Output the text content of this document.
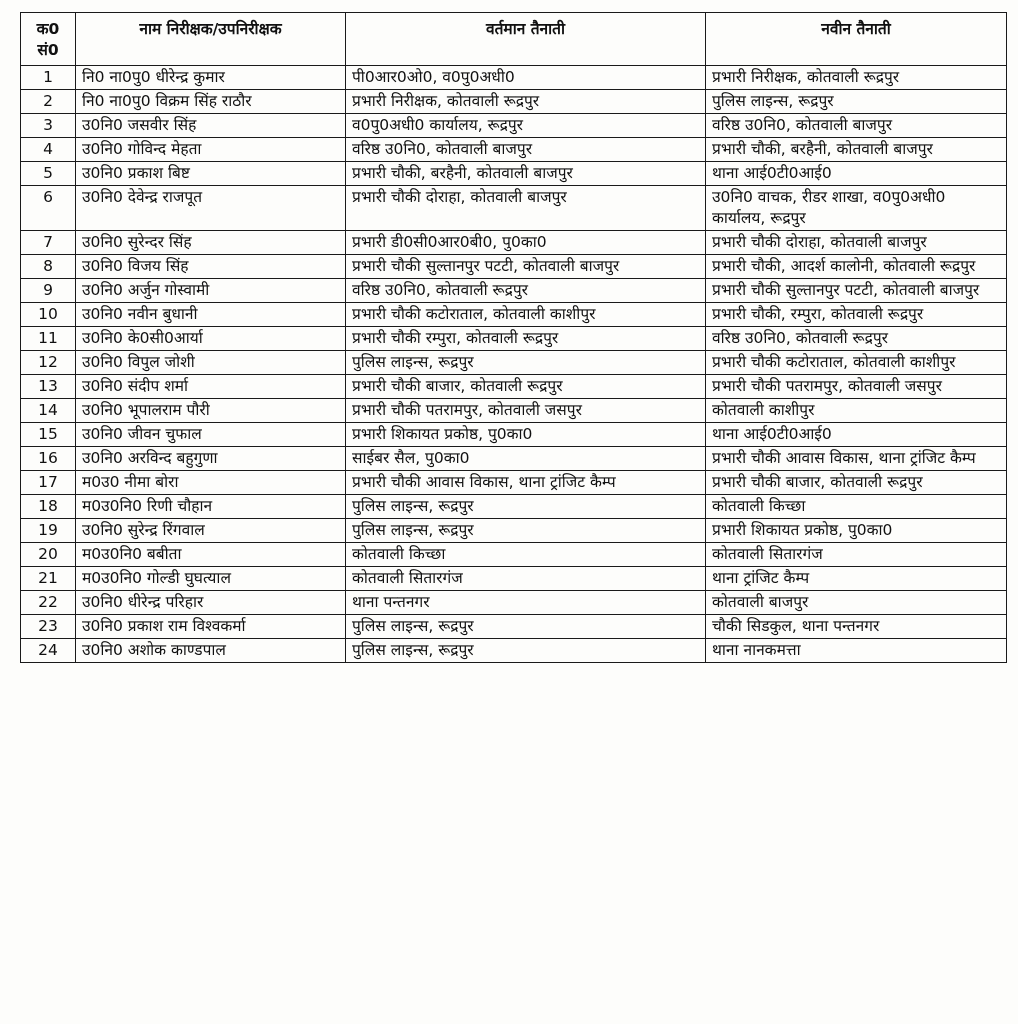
क0 सं0	नाम निरीक्षक/उपनिरीक्षक	वर्तमान तैनाती	नवीन तैनाती
1	नि0 ना0पु0 धीरेन्द्र कुमार	पी0आर0ओ0, व0पु0अधी0	प्रभारी निरीक्षक, कोतवाली रूद्रपुर
2	नि0 ना0पु0 विक्रम सिंह राठौर	प्रभारी निरीक्षक, कोतवाली रूद्रपुर	पुलिस लाइन्स, रूद्रपुर
3	उ0नि0 जसवीर सिंह	व0पु0अधी0 कार्यालय, रूद्रपुर	वरिष्ठ उ0नि0, कोतवाली बाजपुर
4	उ0नि0 गोविन्द मेहता	वरिष्ठ उ0नि0, कोतवाली बाजपुर	प्रभारी चौकी, बरहैनी, कोतवाली बाजपुर
5	उ0नि0 प्रकाश बिष्ट	प्रभारी चौकी, बरहैनी, कोतवाली बाजपुर	थाना आई0टी0आई0
6	उ0नि0 देवेन्द्र राजपूत	प्रभारी चौकी दोराहा, कोतवाली बाजपुर	उ0नि0 वाचक, रीडर शाखा, व0पु0अधी0 कार्यालय, रूद्रपुर
7	उ0नि0 सुरेन्दर सिंह	प्रभारी डी0सी0आर0बी0, पु0का0	प्रभारी चौकी दोराहा, कोतवाली बाजपुर
8	उ0नि0 विजय सिंह	प्रभारी चौकी सुल्तानपुर पटटी, कोतवाली बाजपुर	प्रभारी चौकी, आदर्श कालोनी, कोतवाली रूद्रपुर
9	उ0नि0 अर्जुन गोस्वामी	वरिष्ठ उ0नि0, कोतवाली रूद्रपुर	प्रभारी चौकी सुल्तानपुर पटटी, कोतवाली बाजपुर
10	उ0नि0 नवीन बुधानी	प्रभारी चौकी कटोराताल, कोतवाली काशीपुर	प्रभारी चौकी, रम्पुरा, कोतवाली रूद्रपुर
11	उ0नि0 के0सी0आर्या	प्रभारी चौकी रम्पुरा, कोतवाली रूद्रपुर	वरिष्ठ उ0नि0, कोतवाली रूद्रपुर
12	उ0नि0 विपुल जोशी	पुलिस लाइन्स, रूद्रपुर	प्रभारी चौकी कटोराताल, कोतवाली काशीपुर
13	उ0नि0 संदीप शर्मा	प्रभारी चौकी बाजार, कोतवाली रूद्रपुर	प्रभारी चौकी पतरामपुर, कोतवाली जसपुर
14	उ0नि0 भूपालराम पौरी	प्रभारी चौकी पतरामपुर, कोतवाली जसपुर	कोतवाली काशीपुर
15	उ0नि0 जीवन चुफाल	प्रभारी शिकायत प्रकोष्ठ, पु0का0	थाना आई0टी0आई0
16	उ0नि0 अरविन्द बहुगुणा	साईबर सैल, पु0का0	प्रभारी चौकी आवास विकास, थाना ट्रांजिट कैम्प
17	म0उ0 नीमा बोरा	प्रभारी चौकी आवास विकास, थाना ट्रांजिट कैम्प	प्रभारी चौकी बाजार, कोतवाली रूद्रपुर
18	म0उ0नि0 रिणी चौहान	पुलिस लाइन्स, रूद्रपुर	कोतवाली किच्छा
19	उ0नि0 सुरेन्द्र रिंगवाल	पुलिस लाइन्स, रूद्रपुर	प्रभारी शिकायत प्रकोष्ठ, पु0का0
20	म0उ0नि0 बबीता	कोतवाली किच्छा	कोतवाली सितारगंज
21	म0उ0नि0 गोल्डी घुघत्याल	कोतवाली सितारगंज	थाना ट्रांजिट कैम्प
22	उ0नि0 धीरेन्द्र परिहार	थाना पन्तनगर	कोतवाली बाजपुर
23	उ0नि0 प्रकाश राम विश्वकर्मा	पुलिस लाइन्स, रूद्रपुर	चौकी सिडकुल, थाना पन्तनगर
24	उ0नि0 अशोक काण्डपाल	पुलिस लाइन्स, रूद्रपुर	थाना नानकमत्ता
